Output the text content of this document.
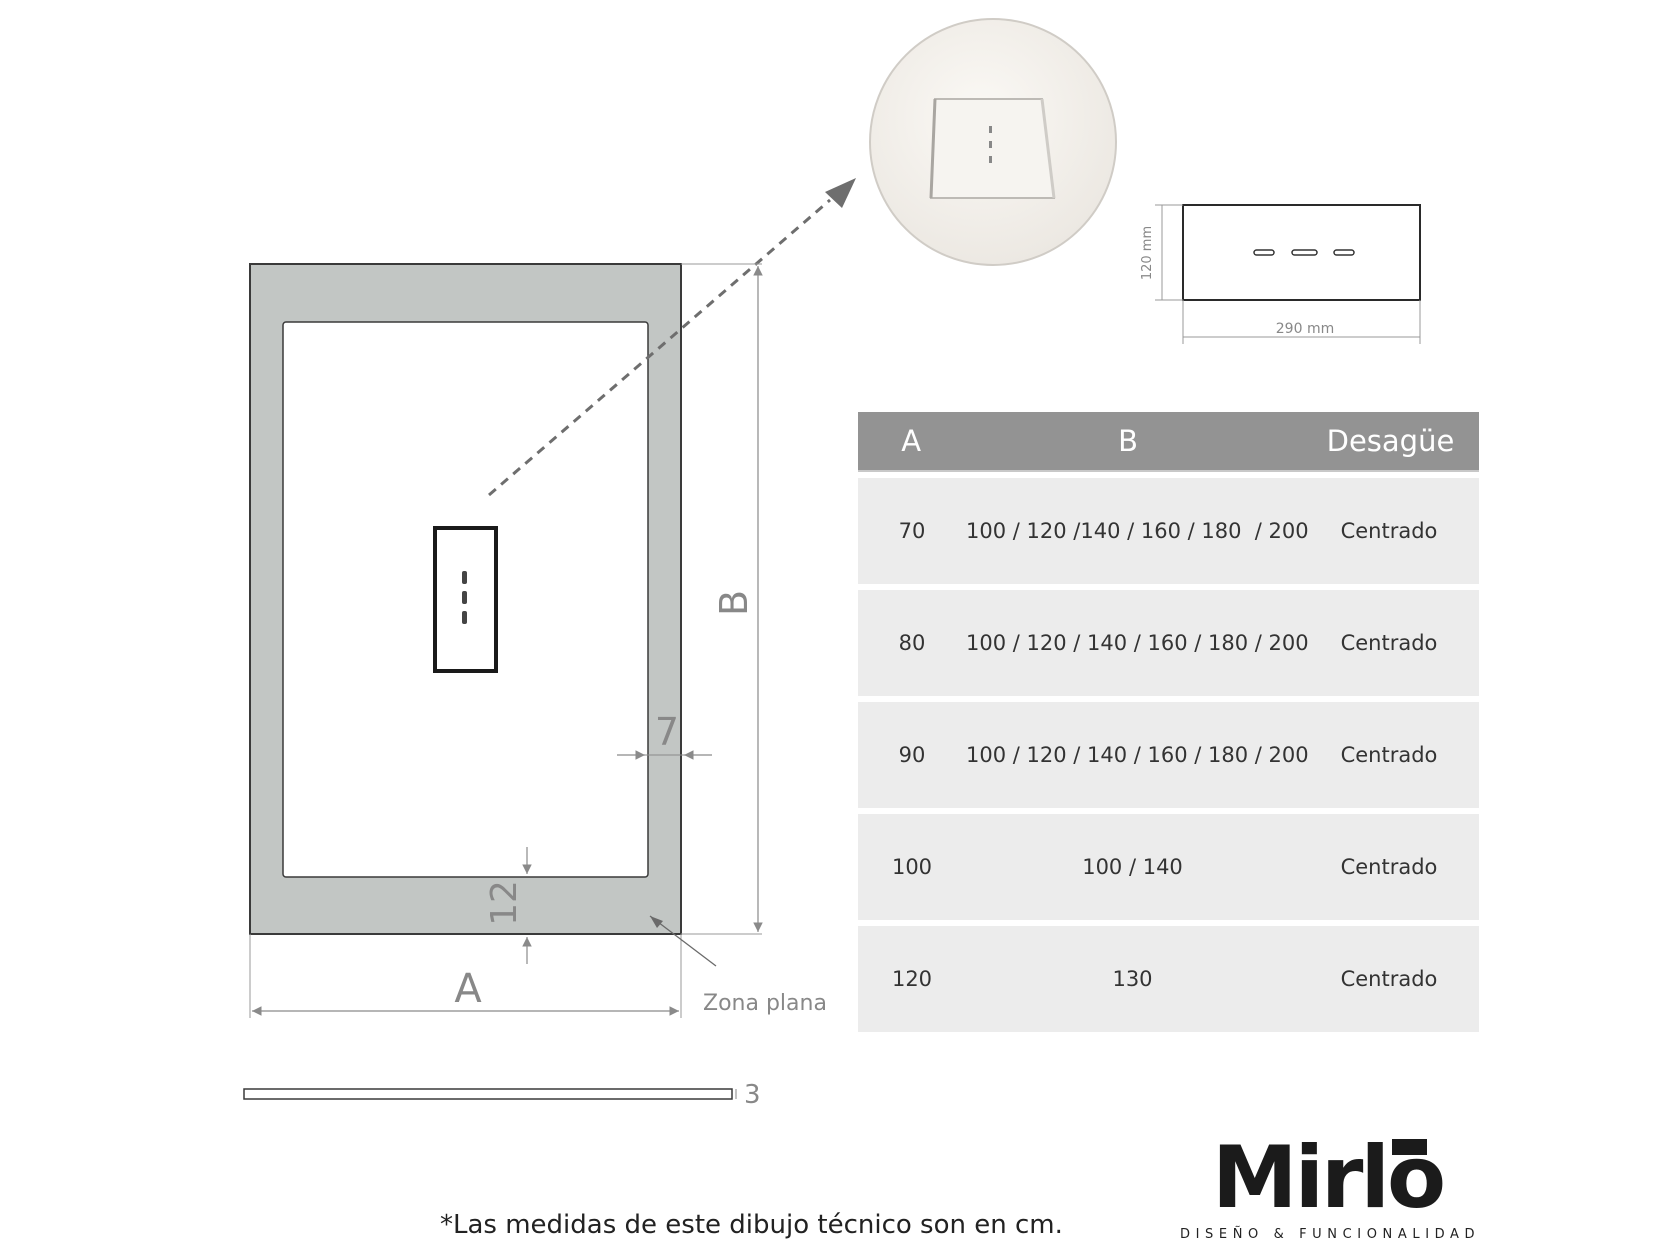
120 mm
290 mm
B
A
7
12
Zona plana
3
A	B	Desagüe
70	100 / 120 /140 / 160 / 180  / 200	Centrado
80	100 / 120 / 140 / 160 / 180 / 200	Centrado
90	100 / 120 / 140 / 160 / 180 / 200	Centrado
100	100 / 140	Centrado
120	130	Centrado
*Las medidas de este dibujo técnico son en cm. Mirlo
DISEÑO & FUNCIONALIDAD
